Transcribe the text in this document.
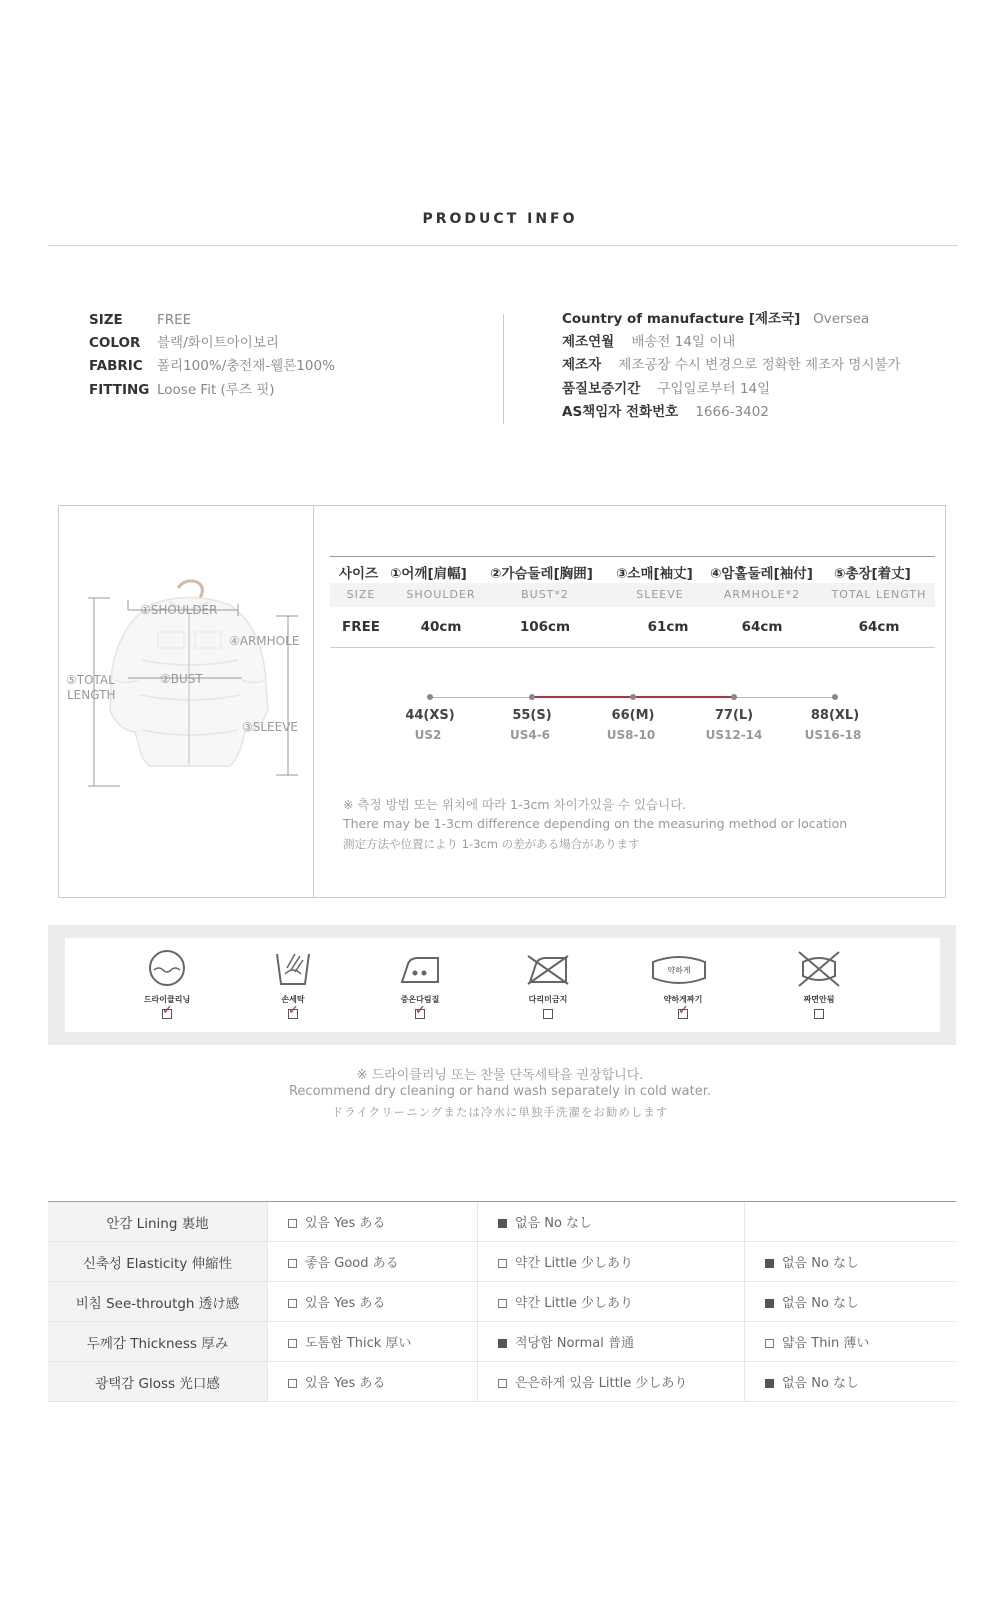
PRODUCT INFO
SIZE	FREE
COLOR 블랙/화이트아이보리
FABRIC 폴리100%/충전재-웰론100%
FITTING Loose Fit (루즈 핏)
Country of manufacture [제조국] Oversea
제조연월 배송전 14일 이내
제조자 제조공장 수시 변경으로 정확한 제조자 명시불가
품질보증기간 구입일로부터 14일
AS책임자 전화번호 1666-3402
①SHOULDER
④ARMHOLE
⑤TOTAL
LENGTH
②BUST
③SLEEVE
사이즈 ①어깨[肩幅] ②가슴둘레[胸囲] ③소매[袖丈] ④암홀둘레[袖付] ⑤총장[着丈]
SIZE	SHOULDER	BUST*2	SLEEVE	ARMHOLE*2	TOTAL LENGTH
FREE	40cm	106cm	61cm	64cm	64cm
44(XS)	55(S)	66(M)	77(L)	88(XL)
US2	US4-6	US8-10	US12-14	US16-18
※ 측정 방법 또는 위치에 따라 1-3cm 차이가있을 수 있습니다.
There may be 1-3cm difference depending on the measuring method or location
測定方法や位置により 1-3cm の差がある場合があります
드라이클리닝
✓
손세탁
✓
중온다림질
✓
다리미금지
약하게
약하게짜기
✓
짜면안됨
※ 드라이클리닝 또는 찬물 단독세탁을 권장합니다.
Recommend dry cleaning or hand wash separately in cold water.
ドライクリーニングまたは冷水に単独手洗濯をお勧めします
안감 Lining 裏地	있음 Yes ある	없음 No なし	
신축성 Elasticity 伸縮性	좋음 Good ある	약간 Little 少しあり	없음 No なし
비침 See-throutgh 透け感	있음 Yes ある	약간 Little 少しあり	없음 No なし
두께감 Thickness 厚み	도톰함 Thick 厚い	적당함 Normal 普通	얇음 Thin 薄い
광택감 Gloss 光口感	있음 Yes ある	은은하게 있음 Little 少しあり	없음 No なし
